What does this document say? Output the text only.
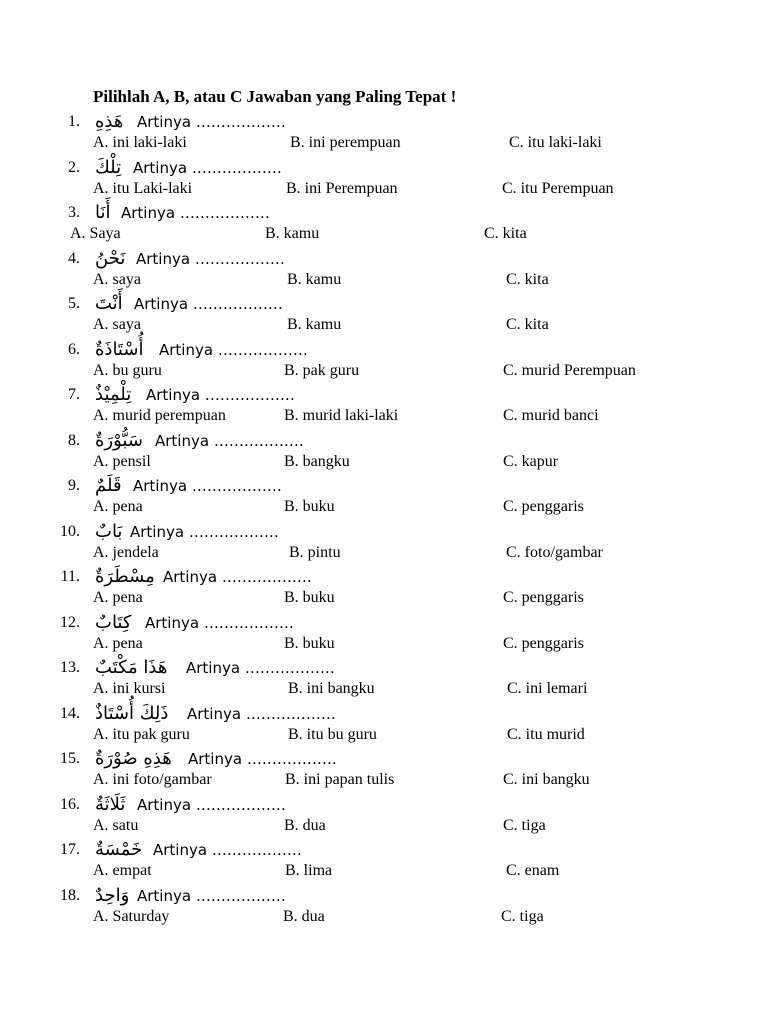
Pilihlah A, B, atau C Jawaban yang Paling Tepat !
1. هَذِهِ Artinya ………………
A. ini laki-laki	B. ini perempuan	C. itu laki-laki
2. تِلْكَ Artinya ………………
A. itu Laki-laki	B. ini Perempuan	C. itu Perempuan
3. أَنَا Artinya ………………
A. Saya	B. kamu	C. kita
4. نَحْنُ Artinya ………………
A. saya	B. kamu	C. kita
5. أَنْتَ Artinya ………………
A. saya	B. kamu	C. kita
6. أُسْتَاذَةٌ Artinya ………………
A. bu guru	B. pak guru	C. murid Perempuan
7. تِلْمِيْذٌ Artinya ………………
A. murid perempuan	B. murid laki-laki	C. murid banci
8. سَبُّوْرَةٌ Artinya ………………
A. pensil	B. bangku	C. kapur
9. قَلَمٌ Artinya ………………
A. pena	B. buku	C. penggaris
10. بَابٌ Artinya ………………
A. jendela	B. pintu	C. foto/gambar
11. مِسْطَرَةٌ Artinya ………………
A. pena	B. buku	C. penggaris
12. كِتَابٌ Artinya ………………
A. pena	B. buku	C. penggaris
13. هَذَا مَكْتَبٌ Artinya ………………
A. ini kursi	B. ini bangku	C. ini lemari
14. ذَلِكَ أُسْتَاذٌ Artinya ………………
A. itu pak guru	B. itu bu guru	C. itu murid
15. هَذِهِ صُوْرَةٌ Artinya ………………
A. ini foto/gambar	B. ini papan tulis	C. ini bangku
16. ثَلَاثَةٌ Artinya ………………
A. satu	B. dua	C. tiga
17. خَمْسَةٌ Artinya ………………
A. empat	B. lima	C. enam
18. وَاحِدٌ Artinya ………………
A. Saturday	B. dua	C. tiga
